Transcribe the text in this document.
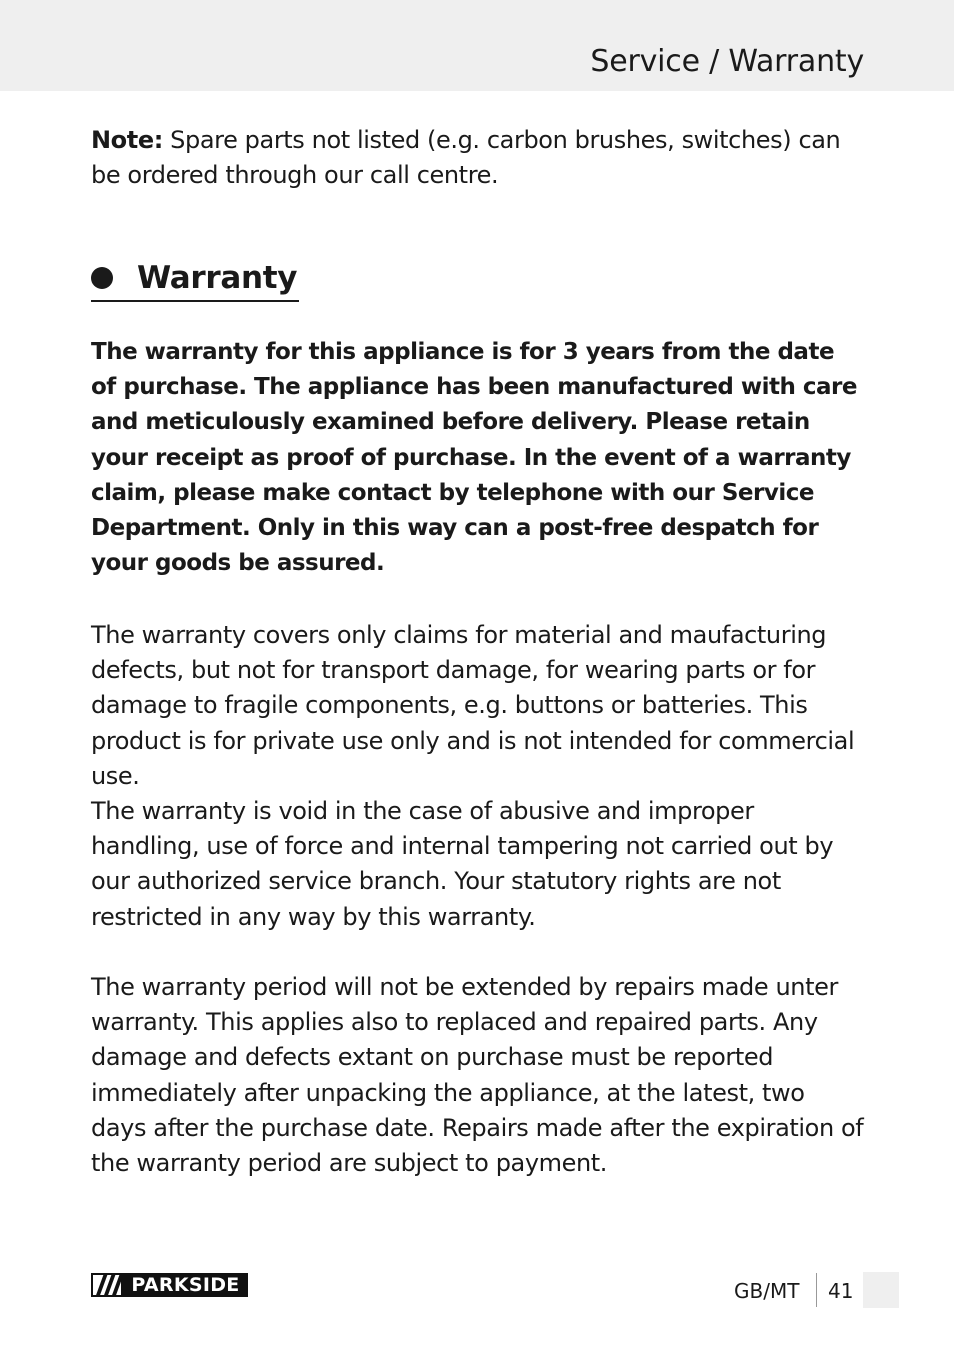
Service / Warranty

Note: Spare parts not listed (e.g. carbon brushes, switches) can be ordered through our call centre.

Warranty

The warranty for this appliance is for 3 years from the date of purchase. The appliance has been manufactured with care and meticulously examined before delivery. Please retain your receipt as proof of purchase. In the event of a warranty claim, please make contact by telephone with our Service Department. Only in this way can a post-free despatch for your goods be assured.

The warranty covers only claims for material and maufacturing defects, but not for transport damage, for wearing parts or for damage to fragile components, e.g. buttons or batteries. This product is for private use only and is not intended for commercial use.

The warranty is void in the case of abusive and improper handling, use of force and internal tampering not carried out by our authorized service branch. Your statutory rights are not restricted in any way by this warranty.

The warranty period will not be extended by repairs made unter warranty. This applies also to replaced and repaired parts. Any damage and defects extant on purchase must be reported immediately after unpacking the appliance, at the latest, two days after the purchase date. Repairs made after the expiration of the warranty period are subject to payment.

PARKSIDE	GB/MT 41
